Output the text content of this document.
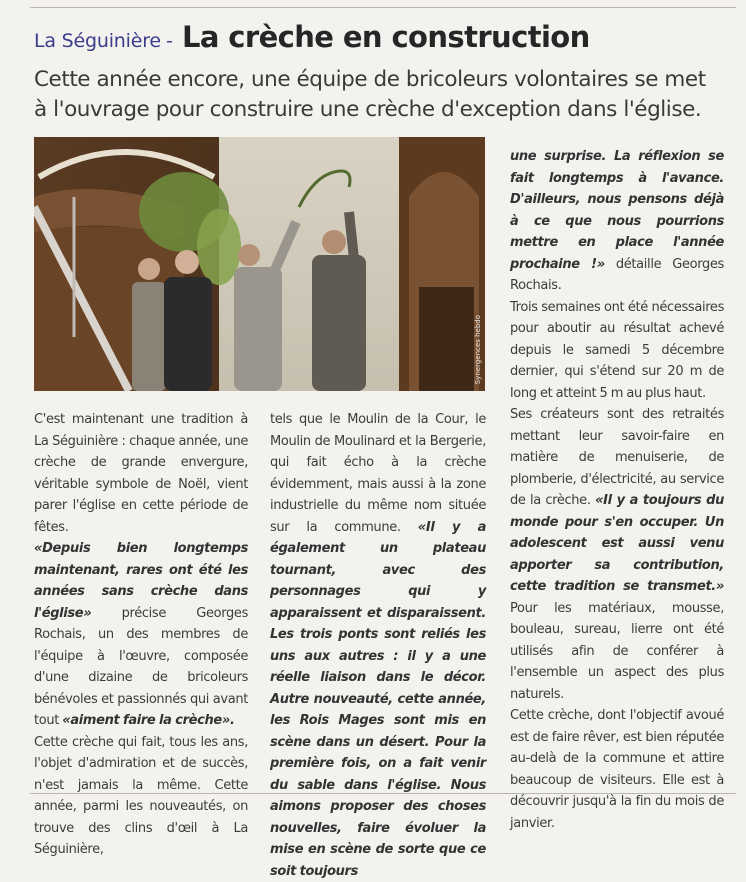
La Séguinière - La crèche en construction
Cette année encore, une équipe de bricoleurs volontaires se met à l'ouvrage pour construire une crèche d'exception dans l'église.
Synergences hebdo

C'est maintenant une tradition à La Séguinière : chaque année, une crèche de grande envergure, véritable symbole de Noël, vient parer l'église en cette période de fêtes.

«Depuis bien longtemps maintenant, rares ont été les années sans crèche dans l'église» précise Georges Rochais, un des membres de l'équipe à l'œuvre, composée d'une dizaine de bricoleurs bénévoles et passionnés qui avant tout «aiment faire la crèche».

Cette crèche qui fait, tous les ans, l'objet d'admiration et de succès, n'est jamais la même. Cette année, parmi les nouveautés, on trouve des clins d'œil à La Séguinière,

tels que le Moulin de la Cour, le Moulin de Moulinard et la Bergerie, qui fait écho à la crèche évidemment, mais aussi à la zone industrielle du même nom située sur la commune. «Il y a également un plateau tournant, avec des personnages qui y apparaissent et disparaissent. Les trois ponts sont reliés les uns aux autres : il y a une réelle liaison dans le décor. Autre nouveauté, cette année, les Rois Mages sont mis en scène dans un désert. Pour la première fois, on a fait venir du sable dans l'église. Nous aimons proposer des choses nouvelles, faire évoluer la mise en scène de sorte que ce soit toujours

une surprise. La réflexion se fait longtemps à l'avance. D'ailleurs, nous pensons déjà à ce que nous pourrions mettre en place l'année prochaine !» détaille Georges Rochais.

Trois semaines ont été nécessaires pour aboutir au résultat achevé depuis le samedi 5 décembre dernier, qui s'étend sur 20 m de long et atteint 5 m au plus haut.

Ses créateurs sont des retraités mettant leur savoir-faire en matière de menuiserie, de plomberie, d'électricité, au service de la crèche. «Il y a toujours du monde pour s'en occuper. Un adolescent est aussi venu apporter sa contribution, cette tradition se transmet.» Pour les matériaux, mousse, bouleau, sureau, lierre ont été utilisés afin de conférer à l'ensemble un aspect des plus naturels.

Cette crèche, dont l'objectif avoué est de faire rêver, est bien réputée au-delà de la commune et attire beaucoup de visiteurs. Elle est à découvrir jusqu'à la fin du mois de janvier.
